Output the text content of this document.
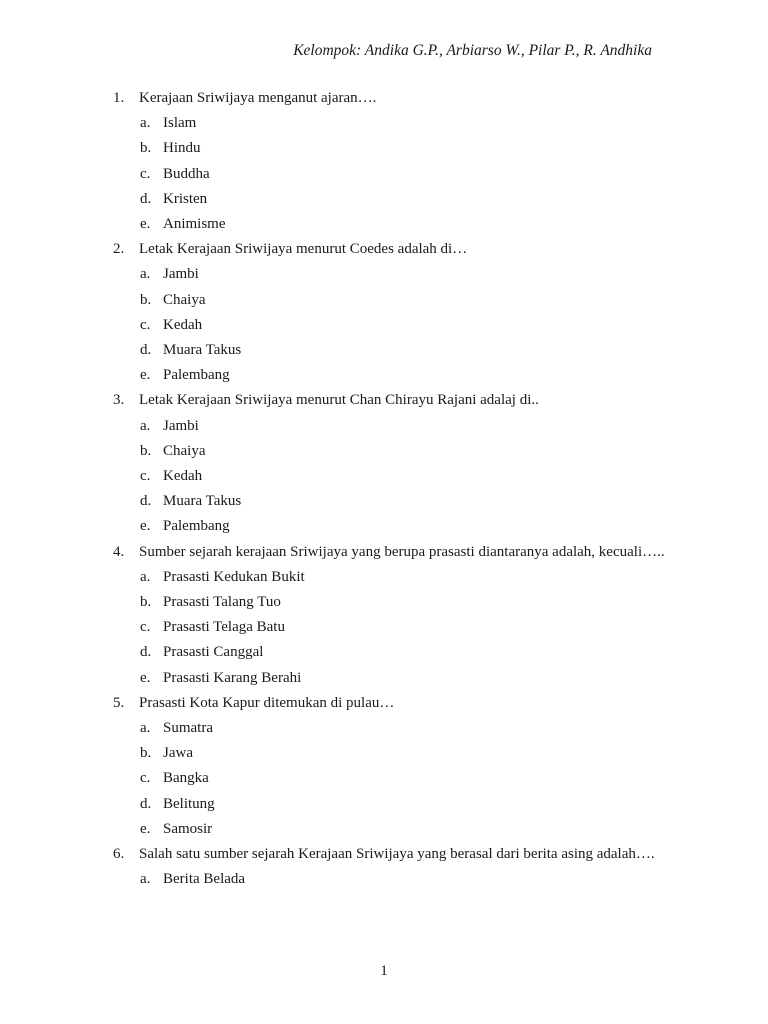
Kelompok: Andika G.P., Arbiarso W., Pilar P., R. Andhika
1. Kerajaan Sriwijaya menganut ajaran….
a. Islam
b. Hindu
c. Buddha
d. Kristen
e. Animisme
2. Letak Kerajaan Sriwijaya menurut Coedes adalah di…
a. Jambi
b. Chaiya
c. Kedah
d. Muara Takus
e. Palembang
3. Letak Kerajaan Sriwijaya menurut Chan Chirayu Rajani adalaj di..
a. Jambi
b. Chaiya
c. Kedah
d. Muara Takus
e. Palembang
4. Sumber sejarah kerajaan Sriwijaya yang berupa prasasti diantaranya adalah, kecuali…..
a. Prasasti Kedukan Bukit
b. Prasasti Talang Tuo
c. Prasasti Telaga Batu
d. Prasasti Canggal
e. Prasasti Karang Berahi
5. Prasasti Kota Kapur ditemukan di pulau…
a. Sumatra
b. Jawa
c. Bangka
d. Belitung
e. Samosir
6. Salah satu sumber sejarah Kerajaan Sriwijaya yang berasal dari berita asing adalah….
a. Berita Belada
1
